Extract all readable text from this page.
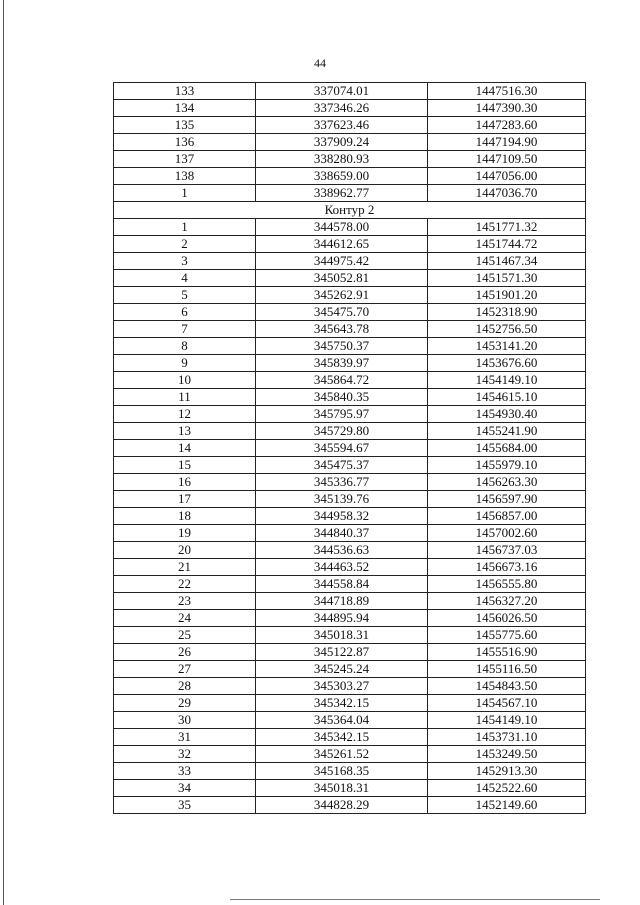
44
133	337074.01	1447516.30
134	337346.26	1447390.30
135	337623.46	1447283.60
136	337909.24	1447194.90
137	338280.93	1447109.50
138	338659.00	1447056.00
1	338962.77	1447036.70
Контур 2		
1	344578.00	1451771.32
2	344612.65	1451744.72
3	344975.42	1451467.34
4	345052.81	1451571.30
5	345262.91	1451901.20
6	345475.70	1452318.90
7	345643.78	1452756.50
8	345750.37	1453141.20
9	345839.97	1453676.60
10	345864.72	1454149.10
11	345840.35	1454615.10
12	345795.97	1454930.40
13	345729.80	1455241.90
14	345594.67	1455684.00
15	345475.37	1455979.10
16	345336.77	1456263.30
17	345139.76	1456597.90
18	344958.32	1456857.00
19	344840.37	1457002.60
20	344536.63	1456737.03
21	344463.52	1456673.16
22	344558.84	1456555.80
23	344718.89	1456327.20
24	344895.94	1456026.50
25	345018.31	1455775.60
26	345122.87	1455516.90
27	345245.24	1455116.50
28	345303.27	1454843.50
29	345342.15	1454567.10
30	345364.04	1454149.10
31	345342.15	1453731.10
32	345261.52	1453249.50
33	345168.35	1452913.30
34	345018.31	1452522.60
35	344828.29	1452149.60
